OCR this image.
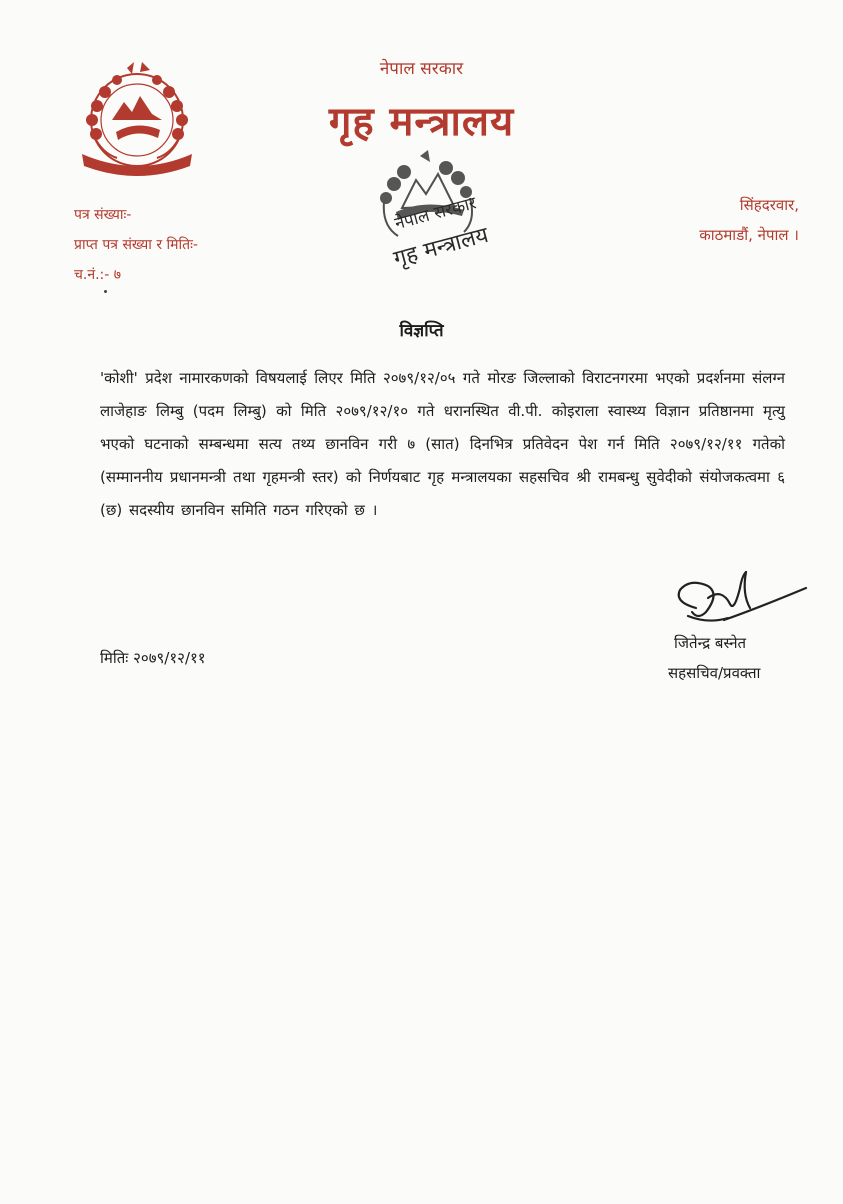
नेपाल सरकार
गृह मन्त्रालय
नेपाल सरकार
गृह मन्त्रालय
पत्र संख्याः-
प्राप्त पत्र संख्या र मितिः-
च.नं.:- ७
सिंहदरवार,
काठमाडौं, नेपाल ।
विज्ञप्ति
'कोशी' प्रदेश नामारकणको विषयलाई लिएर मिति २०७९/१२/०५ गते मोरङ जिल्लाको विराटनगरमा भएको प्रदर्शनमा संलग्न लाजेहाङ लिम्बु (पदम लिम्बु) को मिति २०७९/१२/१० गते धरानस्थित वी.पी. कोइराला स्वास्थ्य विज्ञान प्रतिष्ठानमा मृत्यु भएको घटनाको सम्बन्धमा सत्य तथ्य छानविन गरी ७ (सात) दिनभित्र प्रतिवेदन पेश गर्न मिति २०७९/१२/११ गतेको (सम्माननीय प्रधानमन्त्री तथा गृहमन्त्री स्तर) को निर्णयबाट गृह मन्त्रालयका सहसचिव श्री रामबन्धु सुवेदीको संयोजकत्वमा ६ (छ) सदस्यीय छानविन समिति गठन गरिएको छ ।
जितेन्द्र बस्नेत
सहसचिव/प्रवक्ता
मितिः २०७९/१२/११
